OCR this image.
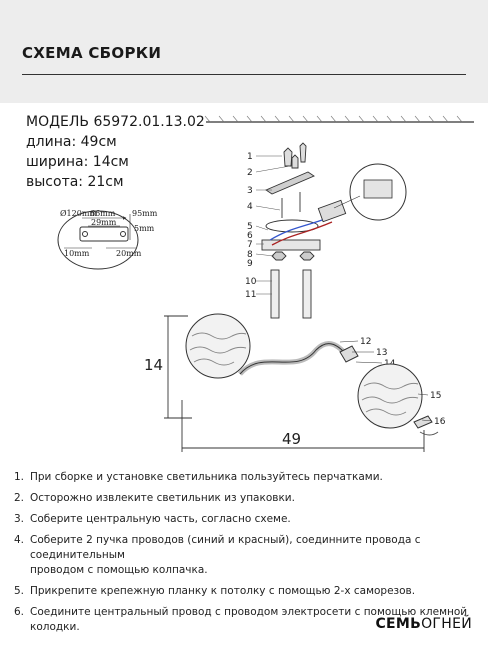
СХЕМА СБОРКИ
МОДЕЛЬ 65972.01.13.02
длина: 49см
ширина: 14см
высота: 21см
Ø120mm
66mm
29mm
95mm
5mm
10mm	20mm
1
2
3
4
5
6
7
8
9
10
11
12
13
15
16
14
49
1. При сборке и установке светильника пользуйтесь перчатками.
2. Осторожно извлеките светильник из упаковки.
3. Соберите центральную часть, согласно схеме.
4. Соберите 2 пучка проводов (синий и красный), соединните провода с соединительным
проводом с помощью колпачка.
5. Прикрепите крепежную планку к потолку с помощью 2-х саморезов.
6. Соедините центральный провод с проводом электросети с помощью клемной колодки.	СЕМЬОГНЕЙ
